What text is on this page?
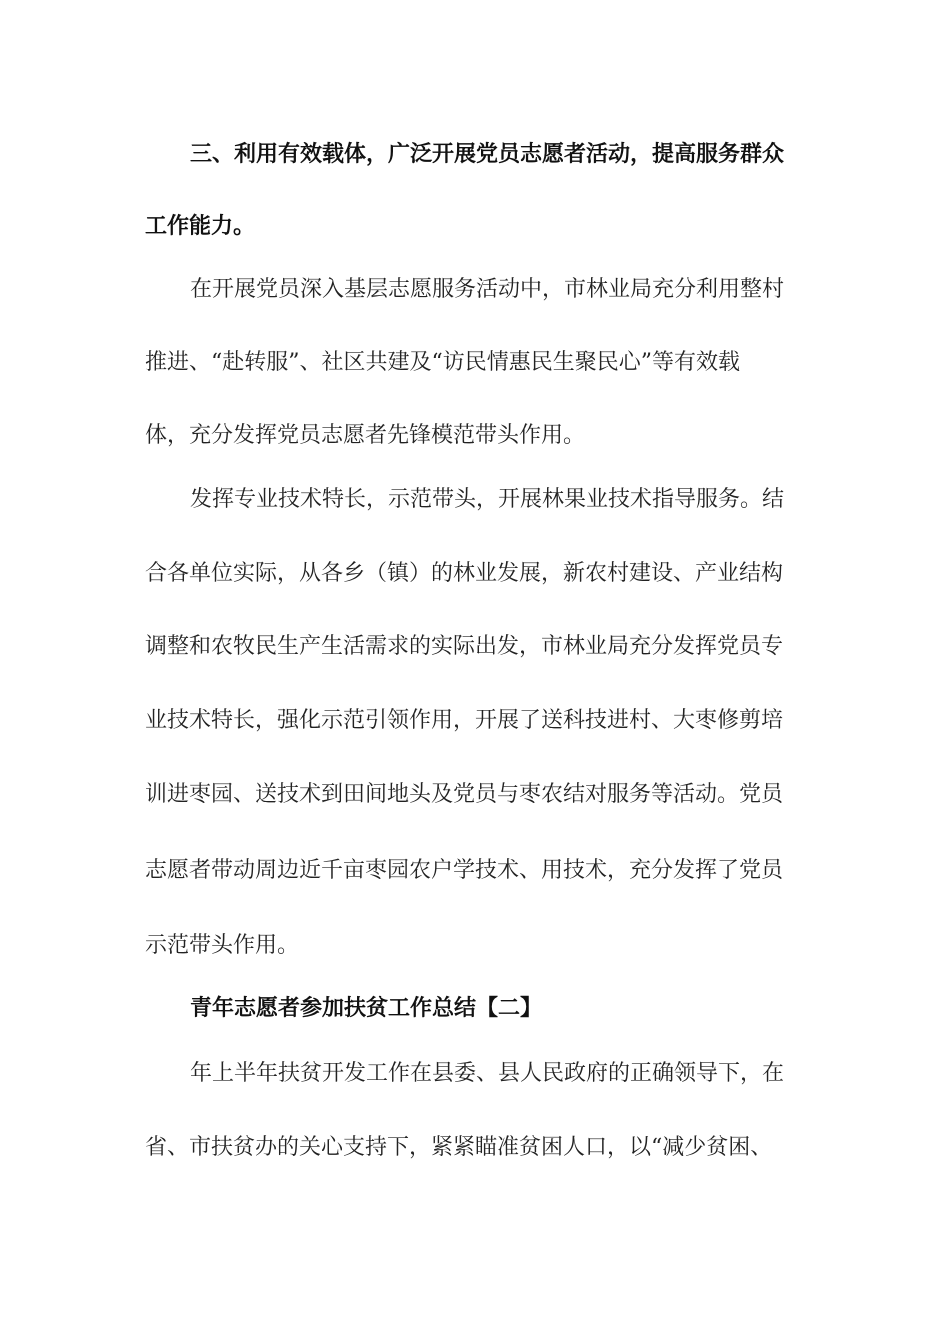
三、利用有效载体，广泛开展党员志愿者活动，提高服务群众
工作能力。
在开展党员深入基层志愿服务活动中，市林业局充分利用整村
推进、“赴转服”、社区共建及“访民情惠民生聚民心”等有效载
体，充分发挥党员志愿者先锋模范带头作用。
发挥专业技术特长，示范带头，开展林果业技术指导服务。结
合各单位实际，从各乡（镇）的林业发展，新农村建设、产业结构
调整和农牧民生产生活需求的实际出发，市林业局充分发挥党员专
业技术特长，强化示范引领作用，开展了送科技进村、大枣修剪培
训进枣园、送技术到田间地头及党员与枣农结对服务等活动。党员
志愿者带动周边近千亩枣园农户学技术、用技术，充分发挥了党员
示范带头作用。
青年志愿者参加扶贫工作总结【二】
年上半年扶贫开发工作在县委、县人民政府的正确领导下，在
省、市扶贫办的关心支持下，紧紧瞄准贫困人口，以“减少贫困、
